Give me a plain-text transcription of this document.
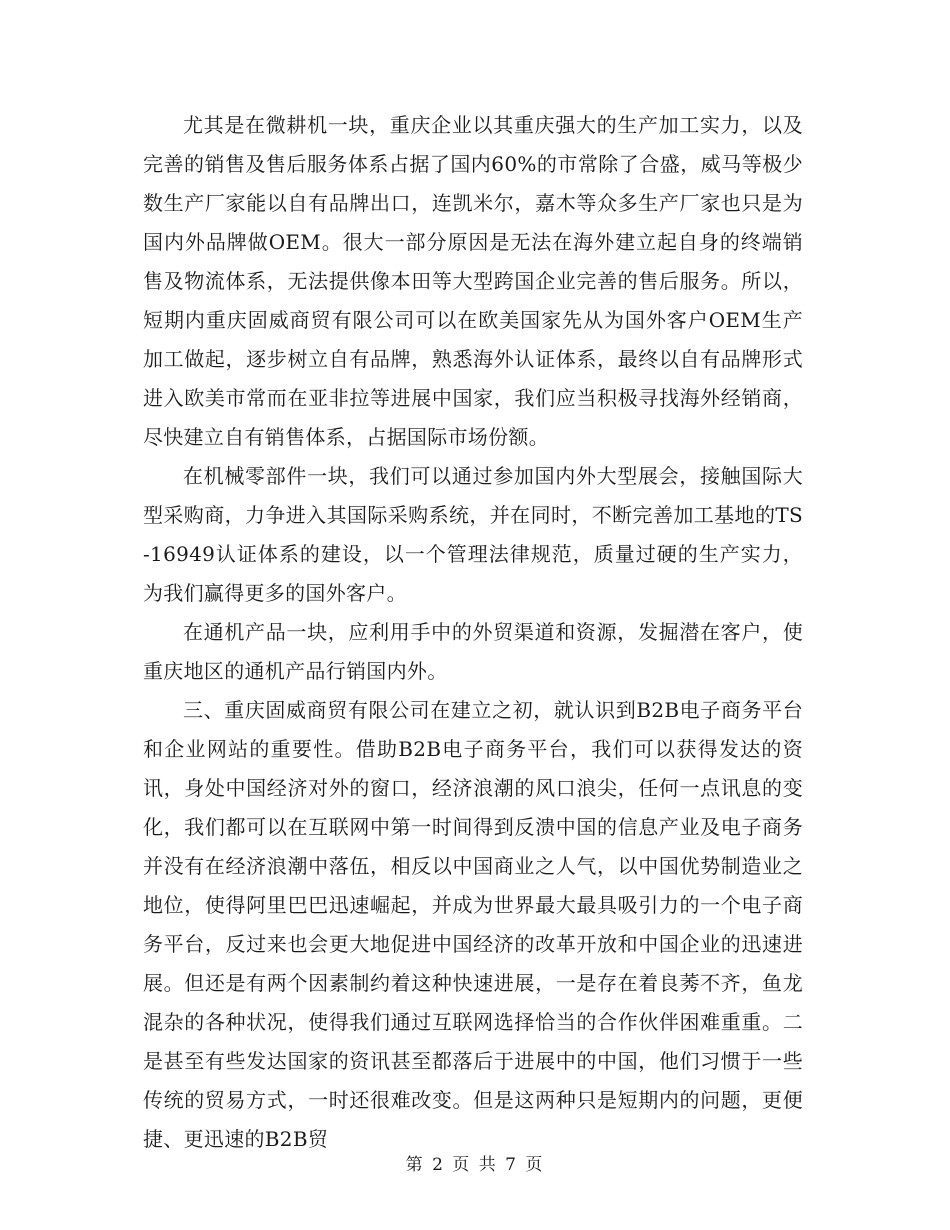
尤其是在微耕机一块，重庆企业以其重庆强大的生产加工实力，以及完善的销售及售后服务体系占据了国内60%的市常除了合盛，威马等极少数生产厂家能以自有品牌出口，连凯米尔，嘉木等众多生产厂家也只是为国内外品牌做OEM。很大一部分原因是无法在海外建立起自身的终端销售及物流体系，无法提供像本田等大型跨国企业完善的售后服务。所以，短期内重庆固威商贸有限公司可以在欧美国家先从为国外客户OEM生产加工做起，逐步树立自有品牌，熟悉海外认证体系，最终以自有品牌形式进入欧美市常而在亚非拉等进展中国家，我们应当积极寻找海外经销商，尽快建立自有销售体系，占据国际市场份额。

在机械零部件一块，我们可以通过参加国内外大型展会，接触国际大型采购商，力争进入其国际采购系统，并在同时，不断完善加工基地的TS-16949认证体系的建设，以一个管理法律规范，质量过硬的生产实力，为我们赢得更多的国外客户。

在通机产品一块，应利用手中的外贸渠道和资源，发掘潜在客户，使重庆地区的通机产品行销国内外。

三、重庆固威商贸有限公司在建立之初，就认识到B2B电子商务平台和企业网站的重要性。借助B2B电子商务平台，我们可以获得发达的资讯，身处中国经济对外的窗口，经济浪潮的风口浪尖，任何一点讯息的变化，我们都可以在互联网中第一时间得到反溃中国的信息产业及电子商务并没有在经济浪潮中落伍，相反以中国商业之人气，以中国优势制造业之地位，使得阿里巴巴迅速崛起，并成为世界最大最具吸引力的一个电子商务平台，反过来也会更大地促进中国经济的改革开放和中国企业的迅速进展。但还是有两个因素制约着这种快速进展，一是存在着良莠不齐，鱼龙混杂的各种状况，使得我们通过互联网选择恰当的合作伙伴困难重重。二是甚至有些发达国家的资讯甚至都落后于进展中的中国，他们习惯于一些传统的贸易方式，一时还很难改变。但是这两种只是短期内的问题，更便捷、更迅速的B2B贸

第 2 页 共 7 页
